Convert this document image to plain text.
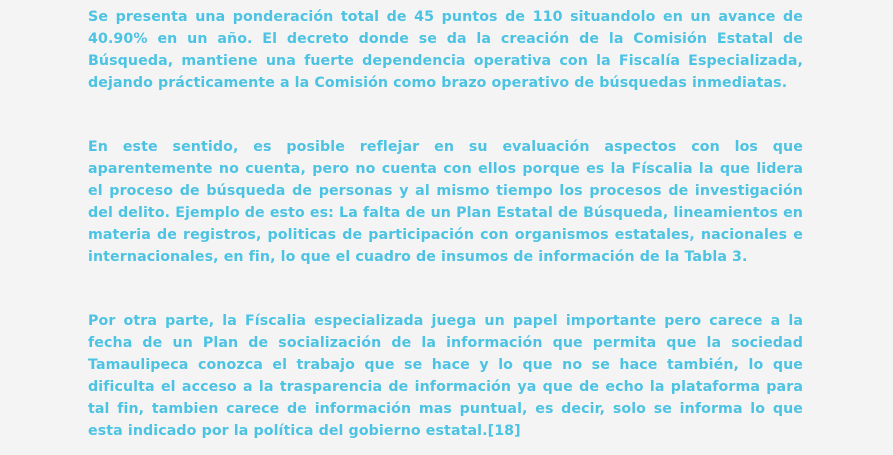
Se presenta una ponderación total de 45 puntos de 110 situandolo en un avance de 40.90% en un año. El decreto donde se da la creación de la Comisión Estatal de Búsqueda, mantiene una fuerte dependencia operativa con la Fiscalía Especializada, dejando prácticamente a la Comisión como brazo operativo de búsquedas inmediatas.

En este sentido, es posible reflejar en su evaluación aspectos con los que aparentemente no cuenta, pero no cuenta con ellos porque es la Físcalia la que lidera el proceso de búsqueda de personas y al mismo tiempo los procesos de investigación del delito. Ejemplo de esto es: La falta de un Plan Estatal de Búsqueda, lineamientos en materia de registros, politicas de participación con organismos estatales, nacionales e internacionales, en fin, lo que el cuadro de insumos de información de la Tabla 3.

Por otra parte, la Físcalia especializada juega un papel importante pero carece a la fecha de un Plan de socialización de la información que permita que la sociedad Tamaulipeca conozca el trabajo que se hace y lo que no se hace también, lo que dificulta el acceso a la trasparencia de información ya que de echo la plataforma para tal fin, tambien carece de información mas puntual, es decir, solo se informa lo que esta indicado por la política del gobierno estatal.[18]
